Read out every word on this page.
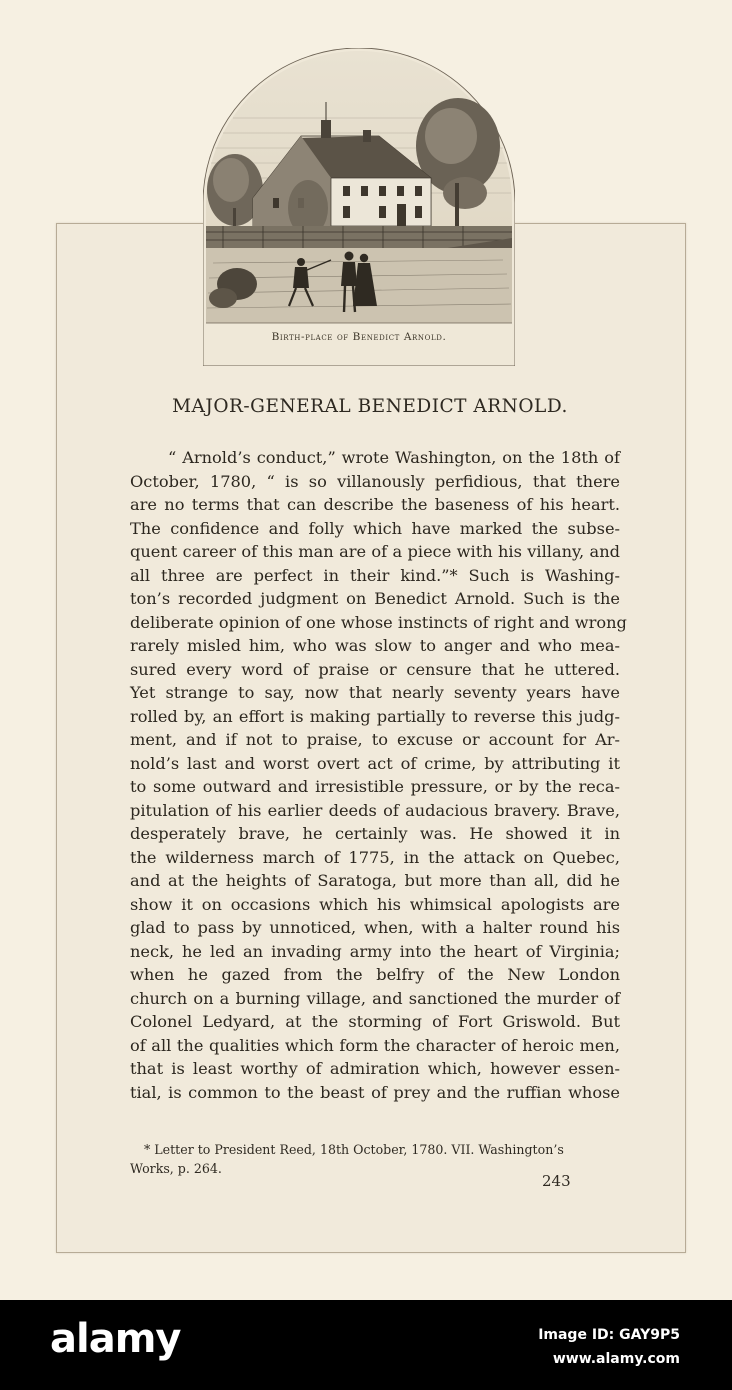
Birth-place of Benedict Arnold.
MAJOR-GENERAL BENEDICT ARNOLD.
“ Arnold’s conduct,” wrote Washington, on the 18th of
October, 1780, “ is so villanously perfidious, that there
are no terms that can describe the baseness of his heart.
The confidence and folly which have marked the subse-
quent career of this man are of a piece with his villany, and
all three are perfect in their kind.”* Such is Washing-
ton’s recorded judgment on Benedict Arnold. Such is the
deliberate opinion of one whose instincts of right and wrong
rarely misled him, who was slow to anger and who mea-
sured every word of praise or censure that he uttered.
Yet strange to say, now that nearly seventy years have
rolled by, an effort is making partially to reverse this judg-
ment, and if not to praise, to excuse or account for Ar-
nold’s last and worst overt act of crime, by attributing it
to some outward and irresistible pressure, or by the reca-
pitulation of his earlier deeds of audacious bravery. Brave,
desperately brave, he certainly was. He showed it in
the wilderness march of 1775, in the attack on Quebec,
and at the heights of Saratoga, but more than all, did he
show it on occasions which his whimsical apologists are
glad to pass by unnoticed, when, with a halter round his
neck, he led an invading army into the heart of Virginia;
when he gazed from the belfry of the New London
church on a burning village, and sanctioned the murder of
Colonel Ledyard, at the storming of Fort Griswold. But
of all the qualities which form the character of heroic men,
that is least worthy of admiration which, however essen-
tial, is common to the beast of prey and the ruffian whose
* Letter to President Reed, 18th October, 1780. VII. Washington’s
Works, p. 264.
243
alamy	Image ID: GAY9P5
www.alamy.com
